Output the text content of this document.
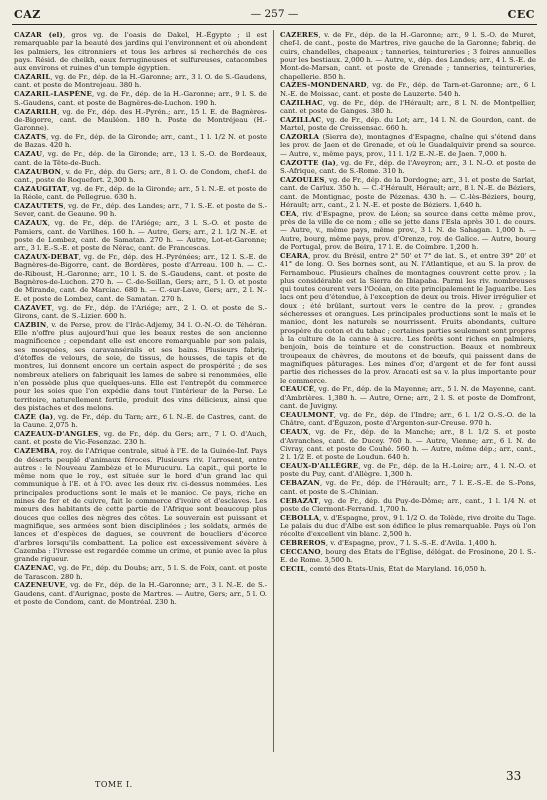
CAZ	— 257 —	CEC

CAZAR (el), gros vg. de l'oasis de Dakel, H.-Égypte ; il est remarquable par la beauté des jardins qui l'environnent et où abondent les palmiers, les citronniers et tous les arbres si recherchés de ces pays. Résid. de cheikh, eaux ferrugineuses et sulfureuses, catacombes aux environs et ruines d'un temple égyptien.

CAZARIL, vg. de Fr., dép. de la H.-Garonne; arr., 3 l. O. de S.-Gaudens, cant. et poste de Montrejeau. 380 h.

CAZARIL-LASPÈNE, vg. de Fr., dép. de la H.-Garonne; arr., 9 l. S. de S.-Gaudens, cant. et poste de Bagnères-de-Luchon. 190 h.

CAZARILH, vg. de Fr., dép. des H.-Pyrén.; arr., 15 l. E. de Bagnères-de-Bigorre, cant. de Mauléon. 180 h. Poste de Montréjeau (H.-Garonne).

CAZATS, vg. de Fr., dép. de la Gironde; arr., cant., 1 l. 1/2 N. et poste de Bazas. 420 h.

CAZAU, vg. de Fr., dép. de la Gironde; arr., 13 l. S.-O. de Bordeaux, cant. de la Tête-de-Buch.

CAZAUBON, v. de Fr., dép. du Gers; arr., 8 l. O. de Condom, chef-l. de cant., poste de Roquefort. 2,300 h.

CAZAUGITAT, vg. de Fr., dép. de la Gironde; arr., 5 l. N.-E. et poste de la Réole, cant. de Pellegrue. 630 h.

CAZAUTETS, vg. de Fr., dép. des Landes; arr., 7 l. S.-E. et poste de S.-Sever, cant. de Geaune. 90 h.

CAZAUX, vg. de Fr., dép. de l'Ariége; arr., 3 l. S.-O. et poste de Pamiers, cant. de Varilhes. 160 h. — Autre, Gers; arr., 2 l. 1/2 N.-E. et poste de Lombez, cant. de Samatan. 270 h. — Autre, Lot-et-Garonne; arr., 3 l. E.-S.-E. et poste de Nérac, cant. de Francescas.

CAZAUX-DEBAT, vg. de Fr., dép. des H.-Pyrénées; arr., 12 l. S.-E. de Bagnères-de-Bigorre, cant. de Bordères, poste d'Arreau. 100 h. — C.-de-Riboust, H.-Garonne; arr., 10 l. S. de S.-Gaudens, cant. et poste de Bagnères-de-Luchon. 270 h. — C.-de-Seillan, Gers; arr., 5 l. O. et poste de Mirande, cant. de Marciac. 680 h. — C.-sur-Lave, Gers; arr., 2 l. N.-E. et poste de Lombez, cant. de Samatan. 270 h.

CAZAVET, vg. de Fr., dép. de l'Ariége; arr., 2 l. O. et poste de S.-Girons, cant. de S.-Lizier. 600 h.

CAZBIN, v. de Perse, prov. de l'Irâc-Adjemy, 34 l. O.-N.-O. de Téhéran. Elle n'offre plus aujourd'hui que les beaux restes de son ancienne magnificence ; cependant elle est encore remarquable par son palais, ses mosquées, ses caravansérails et ses bains. Plusieurs fabriq. d'étoffes de velours, de soie, de tissus, de housses, de tapis et de montres, lui donnent encore un certain aspect de prospérité ; de ses nombreux ateliers on fabriquait les lames de sabre si renommées, elle n'en possède plus que quelques-uns. Elle est l'entrepôt du commerce pour les soies que l'on expédie dans tout l'intérieur de la Perse. Le territoire, naturellement fertile, produit des vins délicieux, ainsi que des pistaches et des melons.

CAZE (la), vg. de Fr., dép. du Tarn; arr., 6 l. N.-E. de Castres, cant. de la Caune. 2,075 h.

CAZEAUX-D'ANGLES, vg. de Fr., dép. du Gers; arr., 7 l. O. d'Auch, cant. et poste de Vic-Fesenzac. 230 h.

CAZEMBA, roy. de l'Afrique centrale, situé à l'E. de la Guinée-Inf. Pays de déserts peuplé d'animaux féroces. Plusieurs riv. l'arrosent, entre autres : le Nouveau Zambèze et le Murucuru. La capit., qui porte le même nom que le roy., est située sur le bord d'un grand lac qui communique à l'E. et à l'O. avec les deux riv. ci-dessus nommées. Les principales productions sont le maïs et le manioc. Ce pays, riche en mines de fer et de cuivre, fait le commerce d'ivoire et d'esclaves. Les mœurs des habitants de cette partie de l'Afrique sont beaucoup plus douces que celles des nègres des côtes. Le souverain est puissant et magnifique, ses armées sont bien disciplinées ; les soldats, armés de lances et d'espèces de dagues, se couvrent de boucliers d'écorce d'arbres lorsqu'ils combattent. La police est excessivement sévère à Cazemba : l'ivresse est regardée comme un crime, et punie avec la plus grande rigueur.

CAZENAC, vg. de Fr., dép. du Doubs; arr., 5 l. S. de Foix, cant. et poste de Tarascon. 280 h.

CAZENEUVE, vg. de Fr., dép. de la H.-Garonne; arr., 3 l. N.-E. de S.-Gaudens, cant. d'Aurignac, poste de Martres. — Autre, Gers; arr., 5 l. O. et poste de Condom, cant. de Montréal. 230 h.

CAZERES, v. de Fr., dép. de la H.-Garonne; arr., 9 l. S.-O. de Muret, chef-l. de cant., poste de Martres, rive gauche de la Garonne; fabriq. de cuirs, chandelles, chapeaux ; tanneries, teintureries ; 3 foires annuelles pour les bestiaux. 2,000 h. — Autre, v., dép. des Landes; arr., 4 l. S.-E. de Mont-de-Marsan, cant. et poste de Grenade ; tanneries, teintureries, chapellerie. 850 h.

CAZES-MONDENARD, vg. de Fr., dép. de Tarn-et-Garonne; arr., 6 l. N.-E. de Moissac, cant. et poste de Lauzerte. 540 h.

CAZILHAC, vg. de Fr., dép. de l'Hérault; arr., 8 l. N. de Montpellier, cant. et poste de Ganges. 380 h.

CAZILLAC, vg. de Fr., dép. du Lot; arr., 14 l. N. de Gourdon, cant. de Martel, poste de Creissensac. 660 h.

CAZORLA (Sierra de), montagnes d'Espagne, chaîne qui s'étend dans les prov. de Jaen et de Grenade, et où le Guadalquivir prend sa source. — Autre, v., même pays, prov., 11 l. 1/2 E.-N.-E. de Jaen. 7,000 h.

CAZOTTE (la), vg. de Fr., dép. de l'Aveyron; arr., 3 l. N.-O. et poste de S.-Afrique, cant. de S.-Rome. 310 h.

CAZOULES, vg. de Fr., dép. de la Dordogne; arr., 3 l. et poste de Sarlat, cant. de Carlux. 350 h. — C.-l'Hérault, Hérault; arr., 8 l. N.-E. de Béziers, cant. de Montignac, poste de Pézenas. 430 h. — C.-lès-Béziers, bourg, Hérault; arr., cant., 2 l. N.-E. et poste de Béziers. 1,640 h.

CEA, riv. d'Espagne, prov. de Léon; sa source dans cette même prov., près de la ville de ce nom ; elle se jette dans l'Esla après 30 l. de cours. — Autre, v., même pays, même prov., 3 l. N. de Sahagan. 1,000 h. — Autre, bourg, même pays, prov. d'Orenze, roy. de Galice. — Autre, bourg de Portugal, prov. de Beira, 17 l. E. de Coimbre. 1,200 h.

CEARA, prov. du Brésil, entre 2° 50' et 7° de lat. S., et entre 39° 20' et 41° de long. O. Ses bornes sont, au N. l'Atlantique, et au S. la prov. de Fernambouc. Plusieurs chaînes de montagnes couvrent cette prov. ; la plus considérable est la Sierra de Ibiapaba. Parmi les riv. nombreuses qui toutes courent vers l'Océan, on cite principalement le Jaguaribe. Les lacs ont peu d'étendue, à l'exception de deux ou trois. Hiver irrégulier et doux ; été brûlant, surtout vers le centre de la prov. ; grandes sécheresses et orangues. Les principales productions sont le maïs et le manioc, dont les naturels se nourrissent. Fruits abondants, culture prospère du coton et du tabac ; certaines parties seulement sont propres à la culture de la canne à sucre. Les forêts sont riches en palmiers, benjoin, bois de teinture et de construction. Beaux et nombreux troupeaux de chèvres, de moutons et de bœufs, qui paissent dans de magnifiques pâturages. Les mines d'or, d'argent et de fer font aussi partie des richesses de la prov. Aracati est sa v. la plus importante pour le commerce.

CEAUCÉ, vg. de Fr., dép. de la Mayenne; arr., 5 l. N. de Mayenne, cant. d'Ambrières. 1,380 h. — Autre, Orne; arr., 2 l. S. et poste de Domfront, cant. de Juvigny.

CEAULMONT, vg. de Fr., dép. de l'Indre; arr., 6 l. 1/2 O.-S.-O. de la Châtre, cant. d'Éguzon, poste d'Argenton-sur-Creuse. 970 h.

CEAUX, vg. de Fr., dép. de la Manche; arr., 8 l. 1/2 S. et poste d'Avranches, cant. de Ducey. 760 h. — Autre, Vienne; arr., 6 l. N. de Civray, cant. et poste de Couhé. 560 h. — Autre, même dép.; arr., cant., 2 l. 1/2 E. et poste de Loudun. 640 h.

CEAUX-D'ALLÈGRE, vg. de Fr., dép. de la H.-Loire; arr., 4 l. N.-O. et poste du Puy, cant. d'Allègre. 1,300 h.

CEBAZAN, vg. de Fr., dép. de l'Hérault; arr., 7 l. E.-S.-E. de S.-Pons, cant. et poste de S.-Chinian.

CEBAZAT, vg. de Fr., dép. du Puy-de-Dôme; arr., cant., 1 l. 1/4 N. et poste de Clermont-Ferrand. 1,700 h.

CEBOLLA, v. d'Espagne, prov., 9 l. 1/2 O. de Tolède, rive droite du Tage. Le palais du duc d'Albe est son édifice le plus remarquable. Pays où l'on récolte d'excellent vin blanc. 2,500 h.

CEBREROS, v. d'Espagne, prov., 7 l. S.-S.-E. d'Avila. 1,400 h.

CECCANO, bourg des États de l'Église, délégat. de Frosinone, 20 l. S.-E. de Rome. 3,500 h.

CECIL, comté des États-Unis, État de Maryland. 16,050 h.

TOME I.
33
